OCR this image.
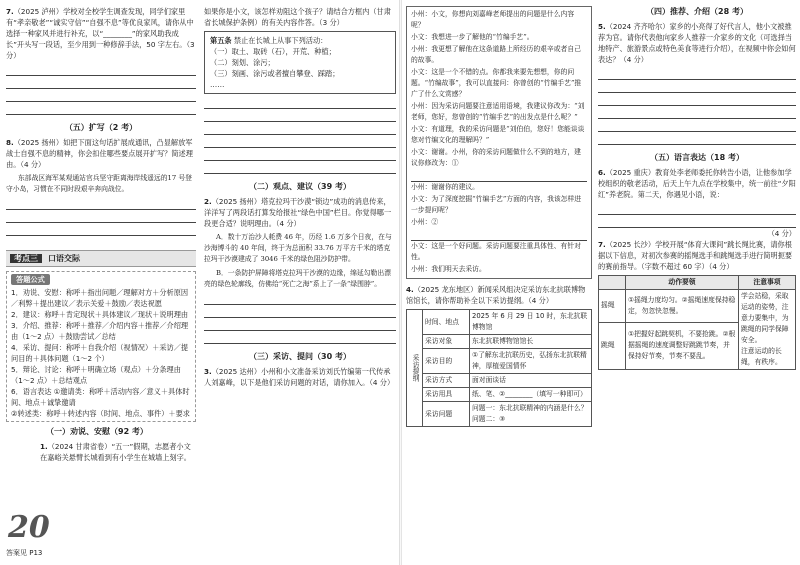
7.（2025 泸州）学校对全校学生调查发现，同学们家里有“孝亲敬老”“诚实守信”“自强不息”等优良家风，请你从中选择一种家风并进行补充，以“________”的家风助我成长”开头写一段话，至少用到一种修辞手法，50 字左右。（3 分）

（五）扩写（2 考）

8.（2025 扬州）如把下面这句话扩展成通讯，凸显解放军战士自强不息的精神，你会扣住哪些要点展开扩写？简述理由。（4 分）

东部战区海军某观通站官兵坚守距离海岸线遥远的17 号登守小岛，习惯在不同时段艰辛奔向战位。

考点三 口语交际
答题公式
1．劝说、安慰：称呼＋指出问题／理解对方＋分析原因／利弊＋提出建议／表示关爱＋鼓励／表达祝愿
2．建议：称呼＋肯定现状＋具体建议／现状＋说明理由
3．介绍、推荐：称呼＋推荐／介绍内容＋推荐／介绍理由（1～2 点）＋鼓励尝试／总结
4．采访、提问：称呼＋自我介绍（视情况）＋采访／提问目的＋具体问题（1～2 个）
5．辩论、讨论：称呼＋明确立场（观点）＋分条理由（1～2 点）＋总结观点
6．语言表达 ①邀请类：称呼＋活动内容／意义＋具体时间、地点＋诚挚邀请
②转述类：称呼＋转述内容（时间、地点、事件）＋要求
（一）劝说、安慰（92 考）

1.（2024 甘肃省卷）“五一”假期，志愿者小文在嘉峪关悬臂长城看到有小学生在城墙上刻字。

20
答案见 P13

如果你是小文，该怎样劝阻这个孩子？请结合方框内（甘肃省长城保护条例）的有关内容作答。（3 分）

第五条 禁止在长城上从事下列活动：
（一）取土、取砖（石），开荒、种植；
（二）刻划、涂污；
（三）刻画、涂污或者擅自攀登、踩踏；
……
（二）观点、建议（39 考）

2.（2025 扬州）塔克拉玛干沙漠“锁边”成功的消息传来，洋洋写了两段话打算发给报社“绿色中国”栏目。你觉得哪一段更合适？说明理由。（4 分）

A．数十万治沙人耗费 46 年，历经 1.6 万多个日夜，在与沙海博斗的 40 年间，终于为总面积 33.76 万平方千米的塔克拉玛干沙漠建成了 3046 千米的绿色阻沙防护带。

B．一条防护屏障将塔克拉玛干沙漠的边缘，绵延勾勒出漂亮的绿色轮廓线，仿佛给“死亡之海”系上了一条“绿围脖”。

（三）采访、提问（30 考）

3.（2025 达州）小州和小文准备采访刘氏竹编第一代传承人刘嘉峰，以下是他们采访问题的对话，请你加入。（4 分）

小州：小文，你想向刘嘉峰老师提出的问题是什么内容呢？

小文：我想进一步了解他的“竹编手艺”。

小州：我更想了解他在这条道路上所经历的艰辛或者自己的故事。

小文：这是一个不错的点。你都我来要先想想，你的问题。“竹编故事”，我可以直接问：你曾创的“竹编手艺”推广了什么文赏感？

小州：因为采访问题要注意适用语境，我建议你改为：“刘老师，您好，您曾创的“竹编手艺”的出发点是什么呢？”

小文：有道理，我的采访问题是“刘伯伯，您好！您能谈谈您对竹编文化的理解吗？”

小文：谢谢。小州，你的采访问题做什么不到的地方，建议你修改为：①

小州：谢谢你的建议。

小文：为了深度挖掘“竹编手艺”方面的内容，我该怎样进一步提问呢？

小州：②

小文：这是一个好问题。采访问题要注重具体性、有针对性。

小州：我们明天去采访。

4.（2025 龙东地区）新闻采风组决定采访东北抗联博物馆馆长，请你帮助补全以下采访提纲。（4 分）

采访提纲	时间、地点	2025 年 6 月 29 日 10 时，东北抗联博物馆
	采访对象	东北抗联博物馆馆长
	采访目的	①了解东北抗联历史，弘扬东北抗联精神，厚植爱国情怀
	采访方式	面对面谈话
	采访用具	纸、笔、②________（填写一种即可）
	采访问题	问题一：东北抗联精神的内涵是什么？ 问题二：③
（四）推荐、介绍（28 考）

5.（2024 齐齐哈尔）家乡的小亮得了好代言人，他小文被推荐为官。请你代表他向家乡人推荐一介家乡的文化（可选择当地特产、旅游景点或特色美食等进行介绍），在视频中你会如何表达？（4 分）

（五）语言表达（18 考）

6.（2025 重庆）教育处李老师委托你转告小语，让他参加学校组织的敬老活动，后天上午九点在学校集中，统一前往“夕阳红”养老院。第二天，你遇见小语，说：

（4 分）

7.（2025 长沙）学校开展“体育大课间”跳长绳比赛，请你根据以下信息，对初次参赛的摇绳选手和跳绳选手进行简明扼要的赛前指导。（字数不超过 60 字）（4 分）

	动作要领	注意事项
摇绳	①摇绳力度均匀。②摇绳速度保持稳定，勿忽快忽慢。	学会站稳，采取运动的姿势，注意力要集中，为跳绳的同学保障安全。
注意运动的长绳，有秩序。
跳绳	①把握好起跳契机，不要抢跳。②根据摇绳的速度调整好跳跳节奏，并保持好节奏，节奏不要乱。	
